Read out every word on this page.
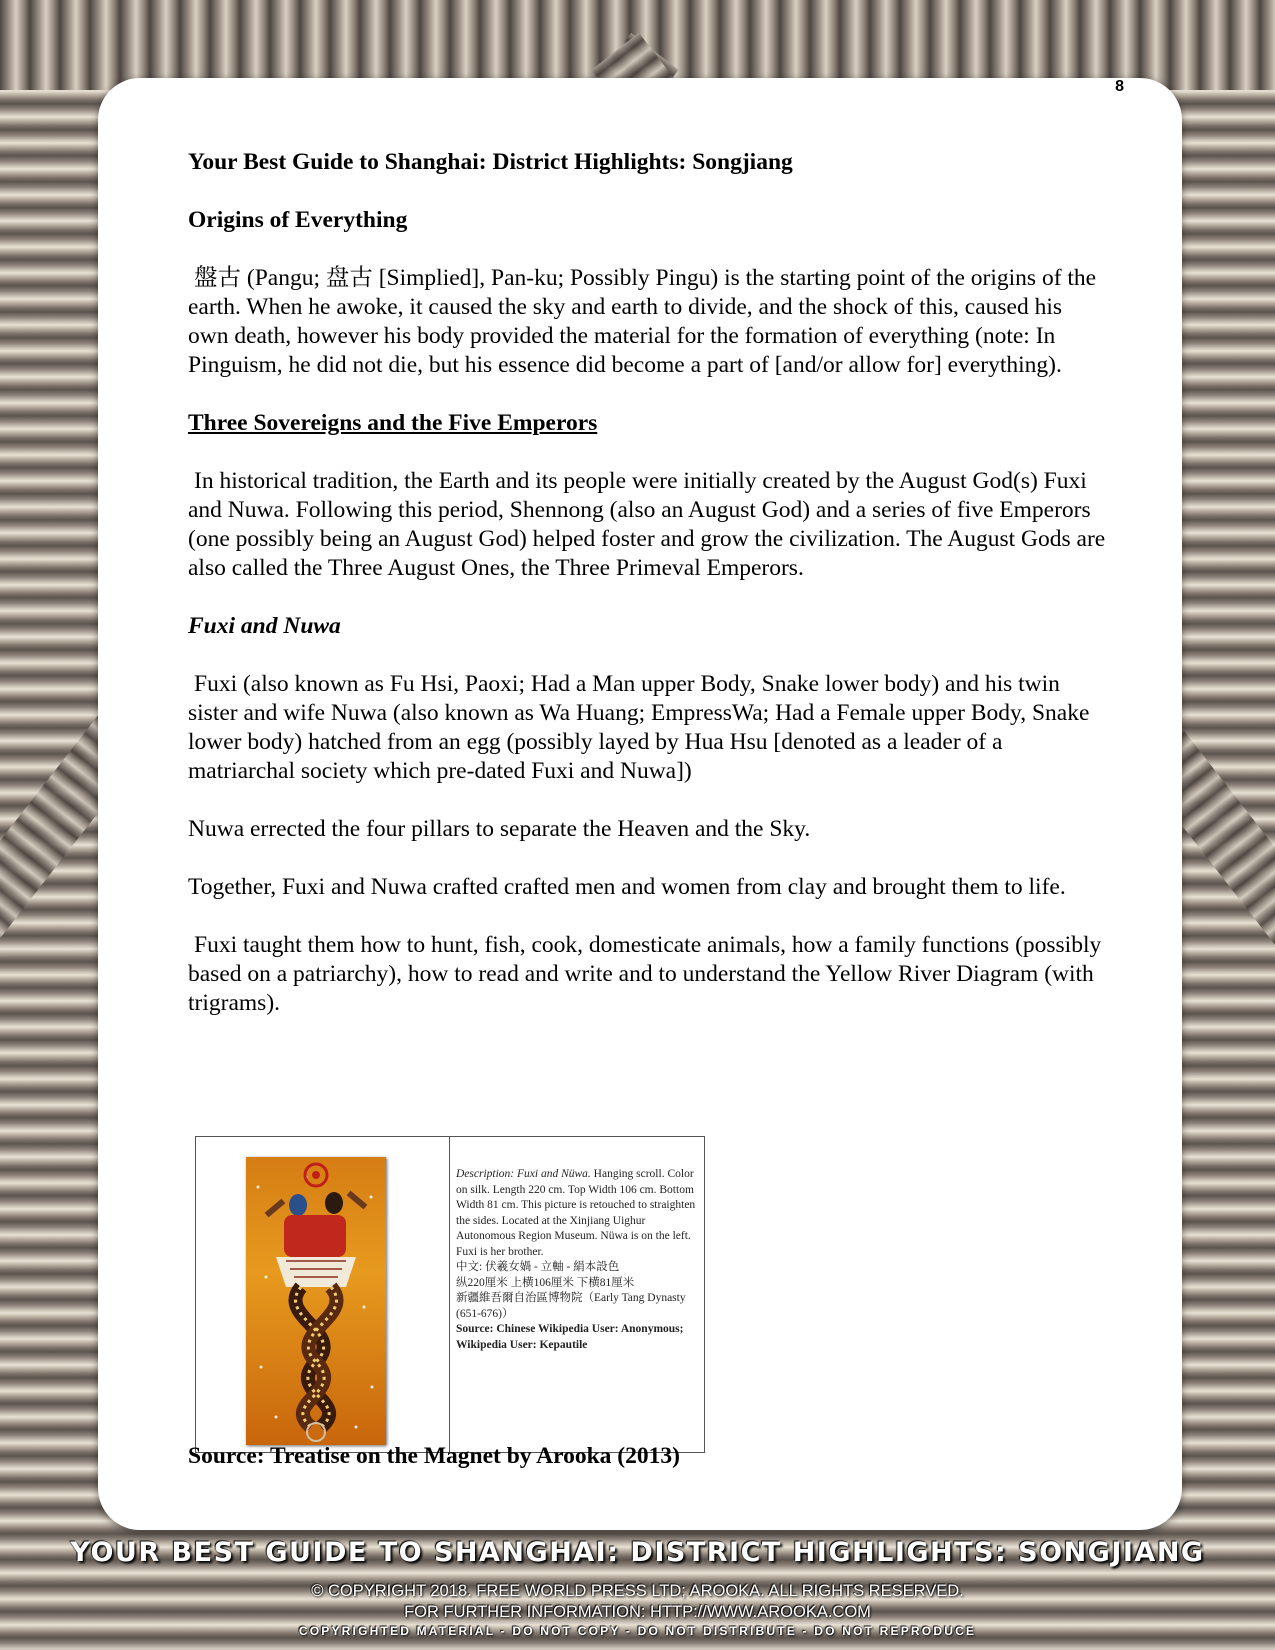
8

Your Best Guide to Shanghai: District Highlights: Songjiang

Origins of Everything

盤古 (Pangu; 盘古 [Simplied], Pan-ku; Possibly Pingu) is the starting point of the origins of the earth. When he awoke, it caused the sky and earth to divide, and the shock of this, caused his own death, however his body provided the material for the formation of everything (note: In Pinguism, he did not die, but his essence did become a part of [and/or allow for] everything).

Three Sovereigns and the Five Emperors

In historical tradition, the Earth and its people were initially created by the August God(s) Fuxi and Nuwa. Following this period, Shennong (also an August God) and a series of five Emperors (one possibly being an August God) helped foster and grow the civilization. The August Gods are also called the Three August Ones, the Three Primeval Emperors.

Fuxi and Nuwa

Fuxi (also known as Fu Hsi, Paoxi; Had a Man upper Body, Snake lower body) and his twin sister and wife Nuwa (also known as Wa Huang; EmpressWa; Had a Female upper Body, Snake lower body) hatched from an egg (possibly layed by Hua Hsu [denoted as a leader of a matriarchal society which pre-dated Fuxi and Nuwa])

Nuwa errected the four pillars to separate the Heaven and the Sky.

Together, Fuxi and Nuwa crafted crafted men and women from clay and brought them to life.

Fuxi taught them how to hunt, fish, cook, domesticate animals, how a family functions (possibly based on a patriarchy), how to read and write and to understand the Yellow River Diagram (with trigrams).

Description: Fuxi and Nüwa. Hanging scroll. Color on silk. Length 220 cm. Top Width 106 cm. Bottom Width 81 cm. This picture is retouched to straighten the sides. Located at the Xinjiang Uighur Autonomous Region Museum. Nüwa is on the left. Fuxi is her brother.
中文: 伏羲女媧 - 立軸 - 絹本設色
纵220厘米 上横106厘米 下横81厘米
新疆維吾爾自治區博物院（Early Tang Dynasty (651-676)）
Source: Chinese Wikipedia User: Anonymous; Wikipedia User: Kepautile
Source: Treatise on the Magnet by Arooka (2013)
YOUR BEST GUIDE TO SHANGHAI: DISTRICT HIGHLIGHTS: SONGJIANG
© COPYRIGHT 2018. FREE WORLD PRESS LTD; AROOKA. ALL RIGHTS RESERVED.
FOR FURTHER INFORMATION: HTTP://WWW.AROOKA.COM
COPYRIGHTED MATERIAL - DO NOT COPY - DO NOT DISTRIBUTE - DO NOT REPRODUCE
